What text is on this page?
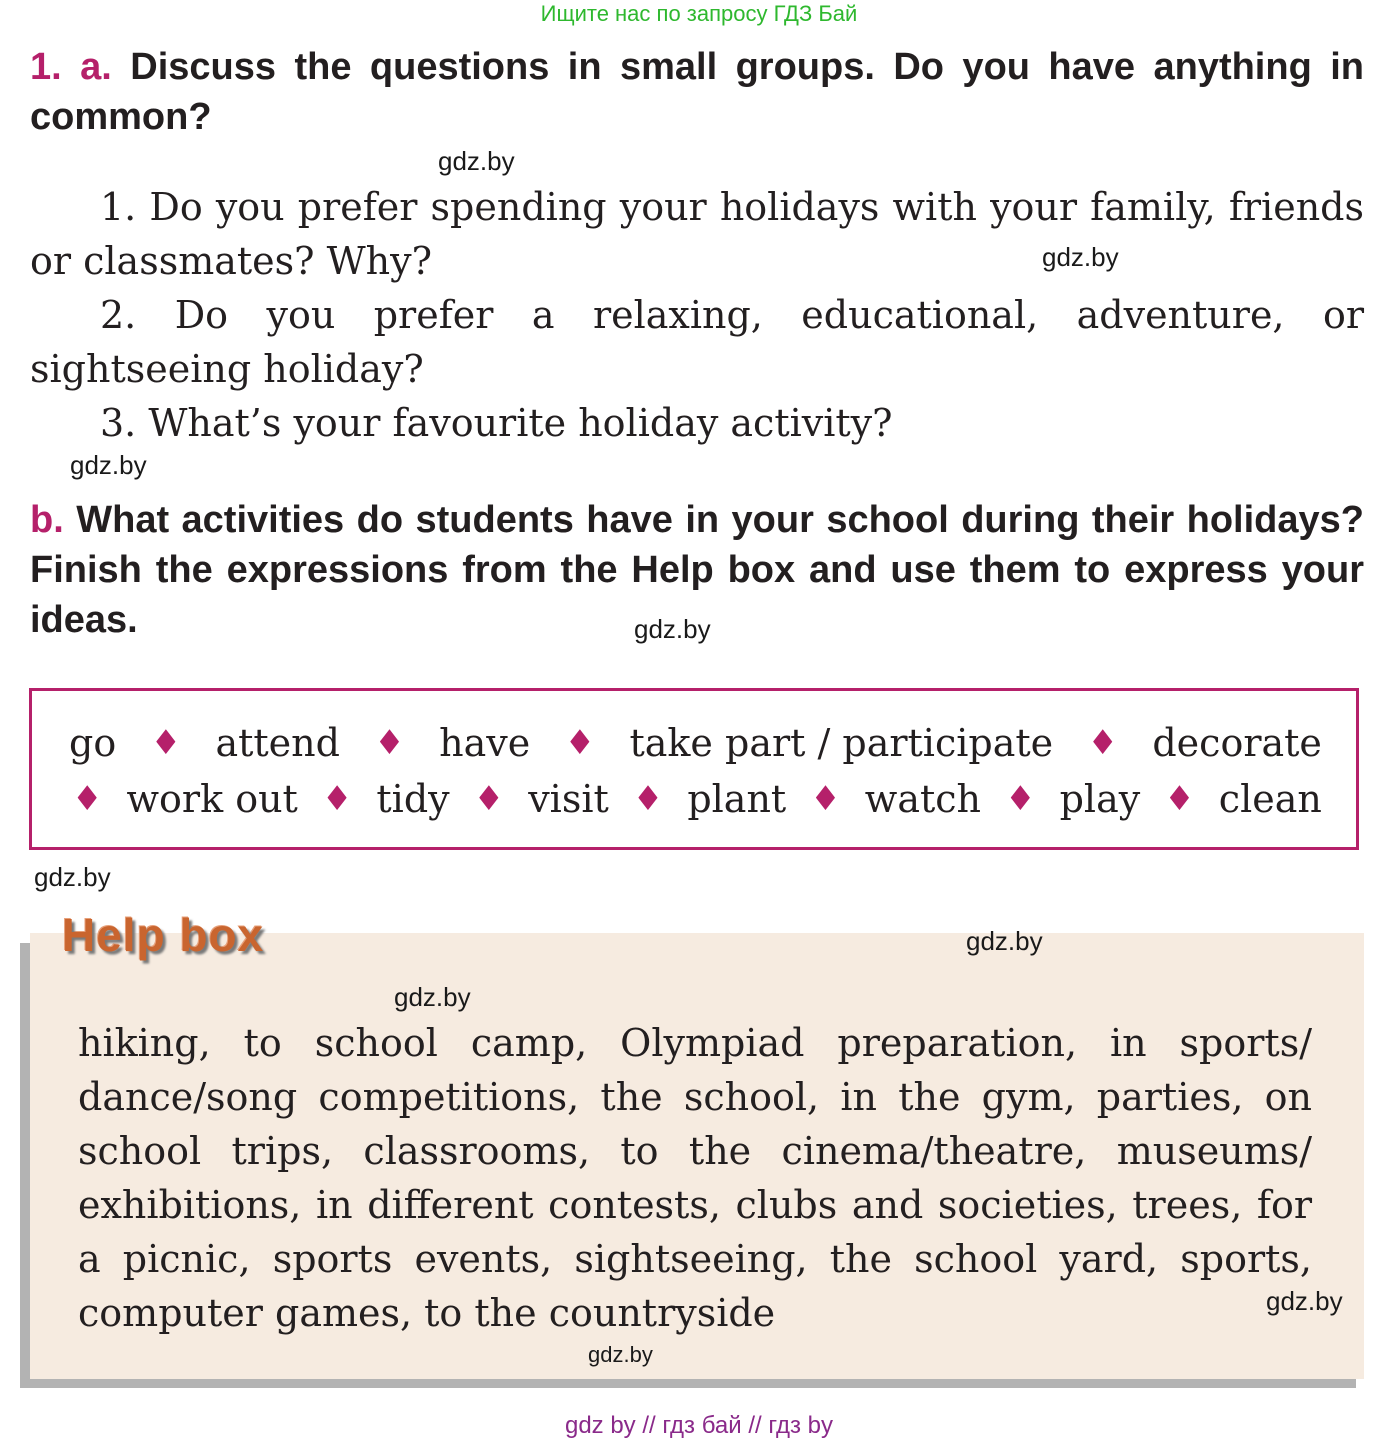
Ищите нас по запросу ГДЗ Бай
1. a. Discuss the questions in small groups. Do you have anything in common?
gdz.by
1. Do you prefer spending your holidays with your family, friends or classmates? Why?	gdz.by
2. Do you prefer a relaxing, educational, adventure, or sightseeing holiday?
3. What’s your favourite holiday activity?
gdz.by
b. What activities do students have in your school during their holidays? Finish the expressions from the Help box and use them to express your ideas.	gdz.by
go ♦ attend ♦ have ♦ take part / participate ♦ decorate
♦ work out ♦ tidy ♦ visit ♦ plant ♦ watch ♦ play ♦ clean
gdz.by
Help box	gdz.by
gdz.by
hiking, to school camp, Olympiad preparation, in sports/ dance/song competitions, the school, in the gym, parties, on school trips, classrooms, to the cinema/theatre, museums/ exhibitions, in different contests, clubs and societies, trees, for a picnic, sports events, sightseeing, the school yard, sports, computer games, to the countryside	gdz.by
gdz.by
gdz by // гдз бай // гдз by
